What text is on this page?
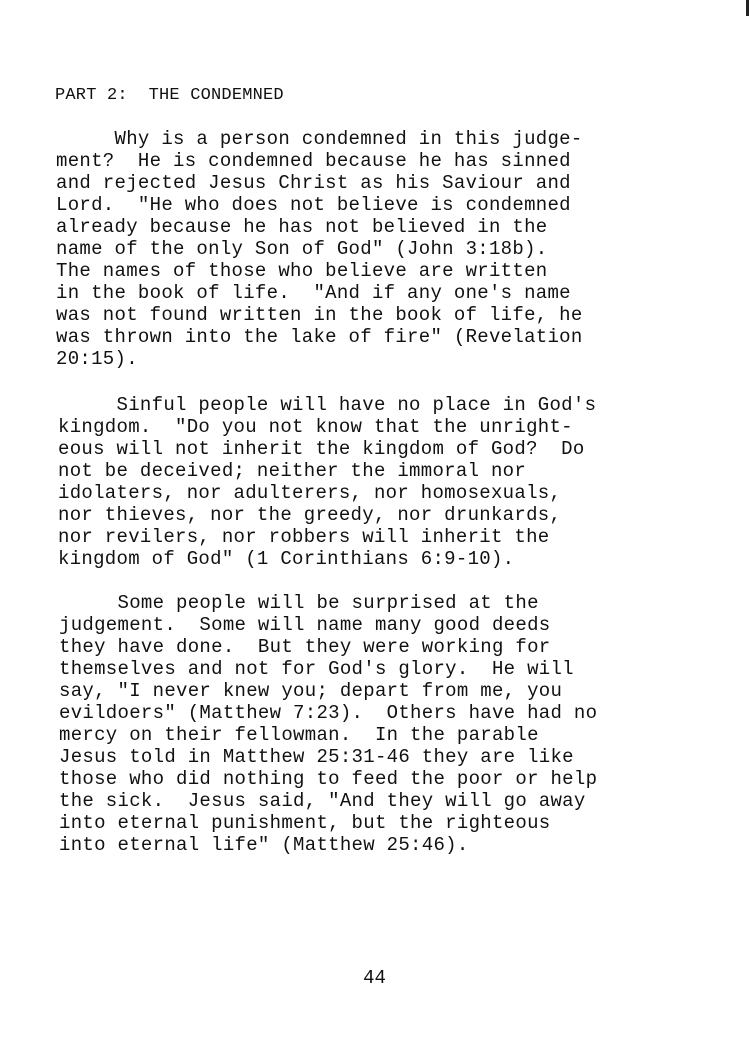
PART 2:  THE CONDEMNED
Why is a person condemned in this judge-
ment?  He is condemned because he has sinned
and rejected Jesus Christ as his Saviour and
Lord.  "He who does not believe is condemned
already because he has not believed in the
name of the only Son of God" (John 3:18b).
The names of those who believe are written
in the book of life.  "And if any one's name
was not found written in the book of life, he
was thrown into the lake of fire" (Revelation
20:15).
Sinful people will have no place in God's
kingdom.  "Do you not know that the unright-
eous will not inherit the kingdom of God?  Do
not be deceived; neither the immoral nor
idolaters, nor adulterers, nor homosexuals,
nor thieves, nor the greedy, nor drunkards,
nor revilers, nor robbers will inherit the
kingdom of God" (1 Corinthians 6:9-10).
Some people will be surprised at the
judgement.  Some will name many good deeds
they have done.  But they were working for
themselves and not for God's glory.  He will
say, "I never knew you; depart from me, you
evildoers" (Matthew 7:23).  Others have had no
mercy on their fellowman.  In the parable
Jesus told in Matthew 25:31-46 they are like
those who did nothing to feed the poor or help
the sick.  Jesus said, "And they will go away
into eternal punishment, but the righteous
into eternal life" (Matthew 25:46).
44
